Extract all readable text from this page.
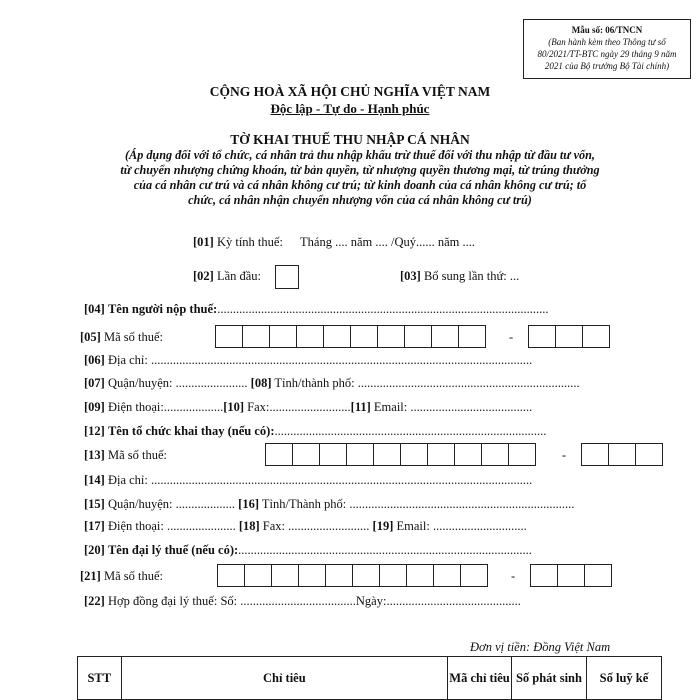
Mẫu số: 06/TNCN
(Ban hành kèm theo Thông tư số
80/2021/TT-BTC ngày 29 tháng 9 năm
2021 của Bộ trưởng Bộ Tài chính)
CỘNG HOÀ XÃ HỘI CHỦ NGHĨA VIỆT NAM
Độc lập - Tự do - Hạnh phúc
TỜ KHAI THUẾ THU NHẬP CÁ NHÂN
(Áp dụng đối với tổ chức, cá nhân trả thu nhập khấu trừ thuế đối với thu nhập từ đầu tư vốn,
từ chuyển nhượng chứng khoán, từ bản quyền, từ nhượng quyền thương mại, từ trúng thưởng
của cá nhân cư trú và cá nhân không cư trú; từ kinh doanh của cá nhân không cư trú; tổ
chức, cá nhân nhận chuyển nhượng vốn của cá nhân không cư trú)
[01] Kỳ tính thuế: Tháng .... năm .... /Quý...... năm ....
[02] Lần đầu:	[03] Bổ sung lần thứ: ...
[04] Tên người nộp thuế:..........................................................................................................
[05] Mã số thuế:	-
[06] Địa chỉ: ..........................................................................................................................
[07] Quận/huyện: ....................... [08] Tỉnh/thành phố: .......................................................................
[09] Điện thoại:...................[10] Fax:..........................[11] Email: .......................................
[12] Tên tổ chức khai thay (nếu có):.......................................................................................
[13] Mã số thuế:	-
[14] Địa chỉ: ..........................................................................................................................
[15] Quận/huyện: ................... [16] Tỉnh/Thành phố: ........................................................................
[17] Điện thoại: ...................... [18] Fax: .......................... [19] Email: ..............................
[20] Tên đại lý thuế (nếu có):..............................................................................................
[21] Mã số thuế:	-
[22] Hợp đồng đại lý thuế: Số: .....................................Ngày:...........................................
Đơn vị tiền: Đồng Việt Nam
STT	Chỉ tiêu	Mã chỉ tiêu	Số phát sinh	Số luỹ kế
